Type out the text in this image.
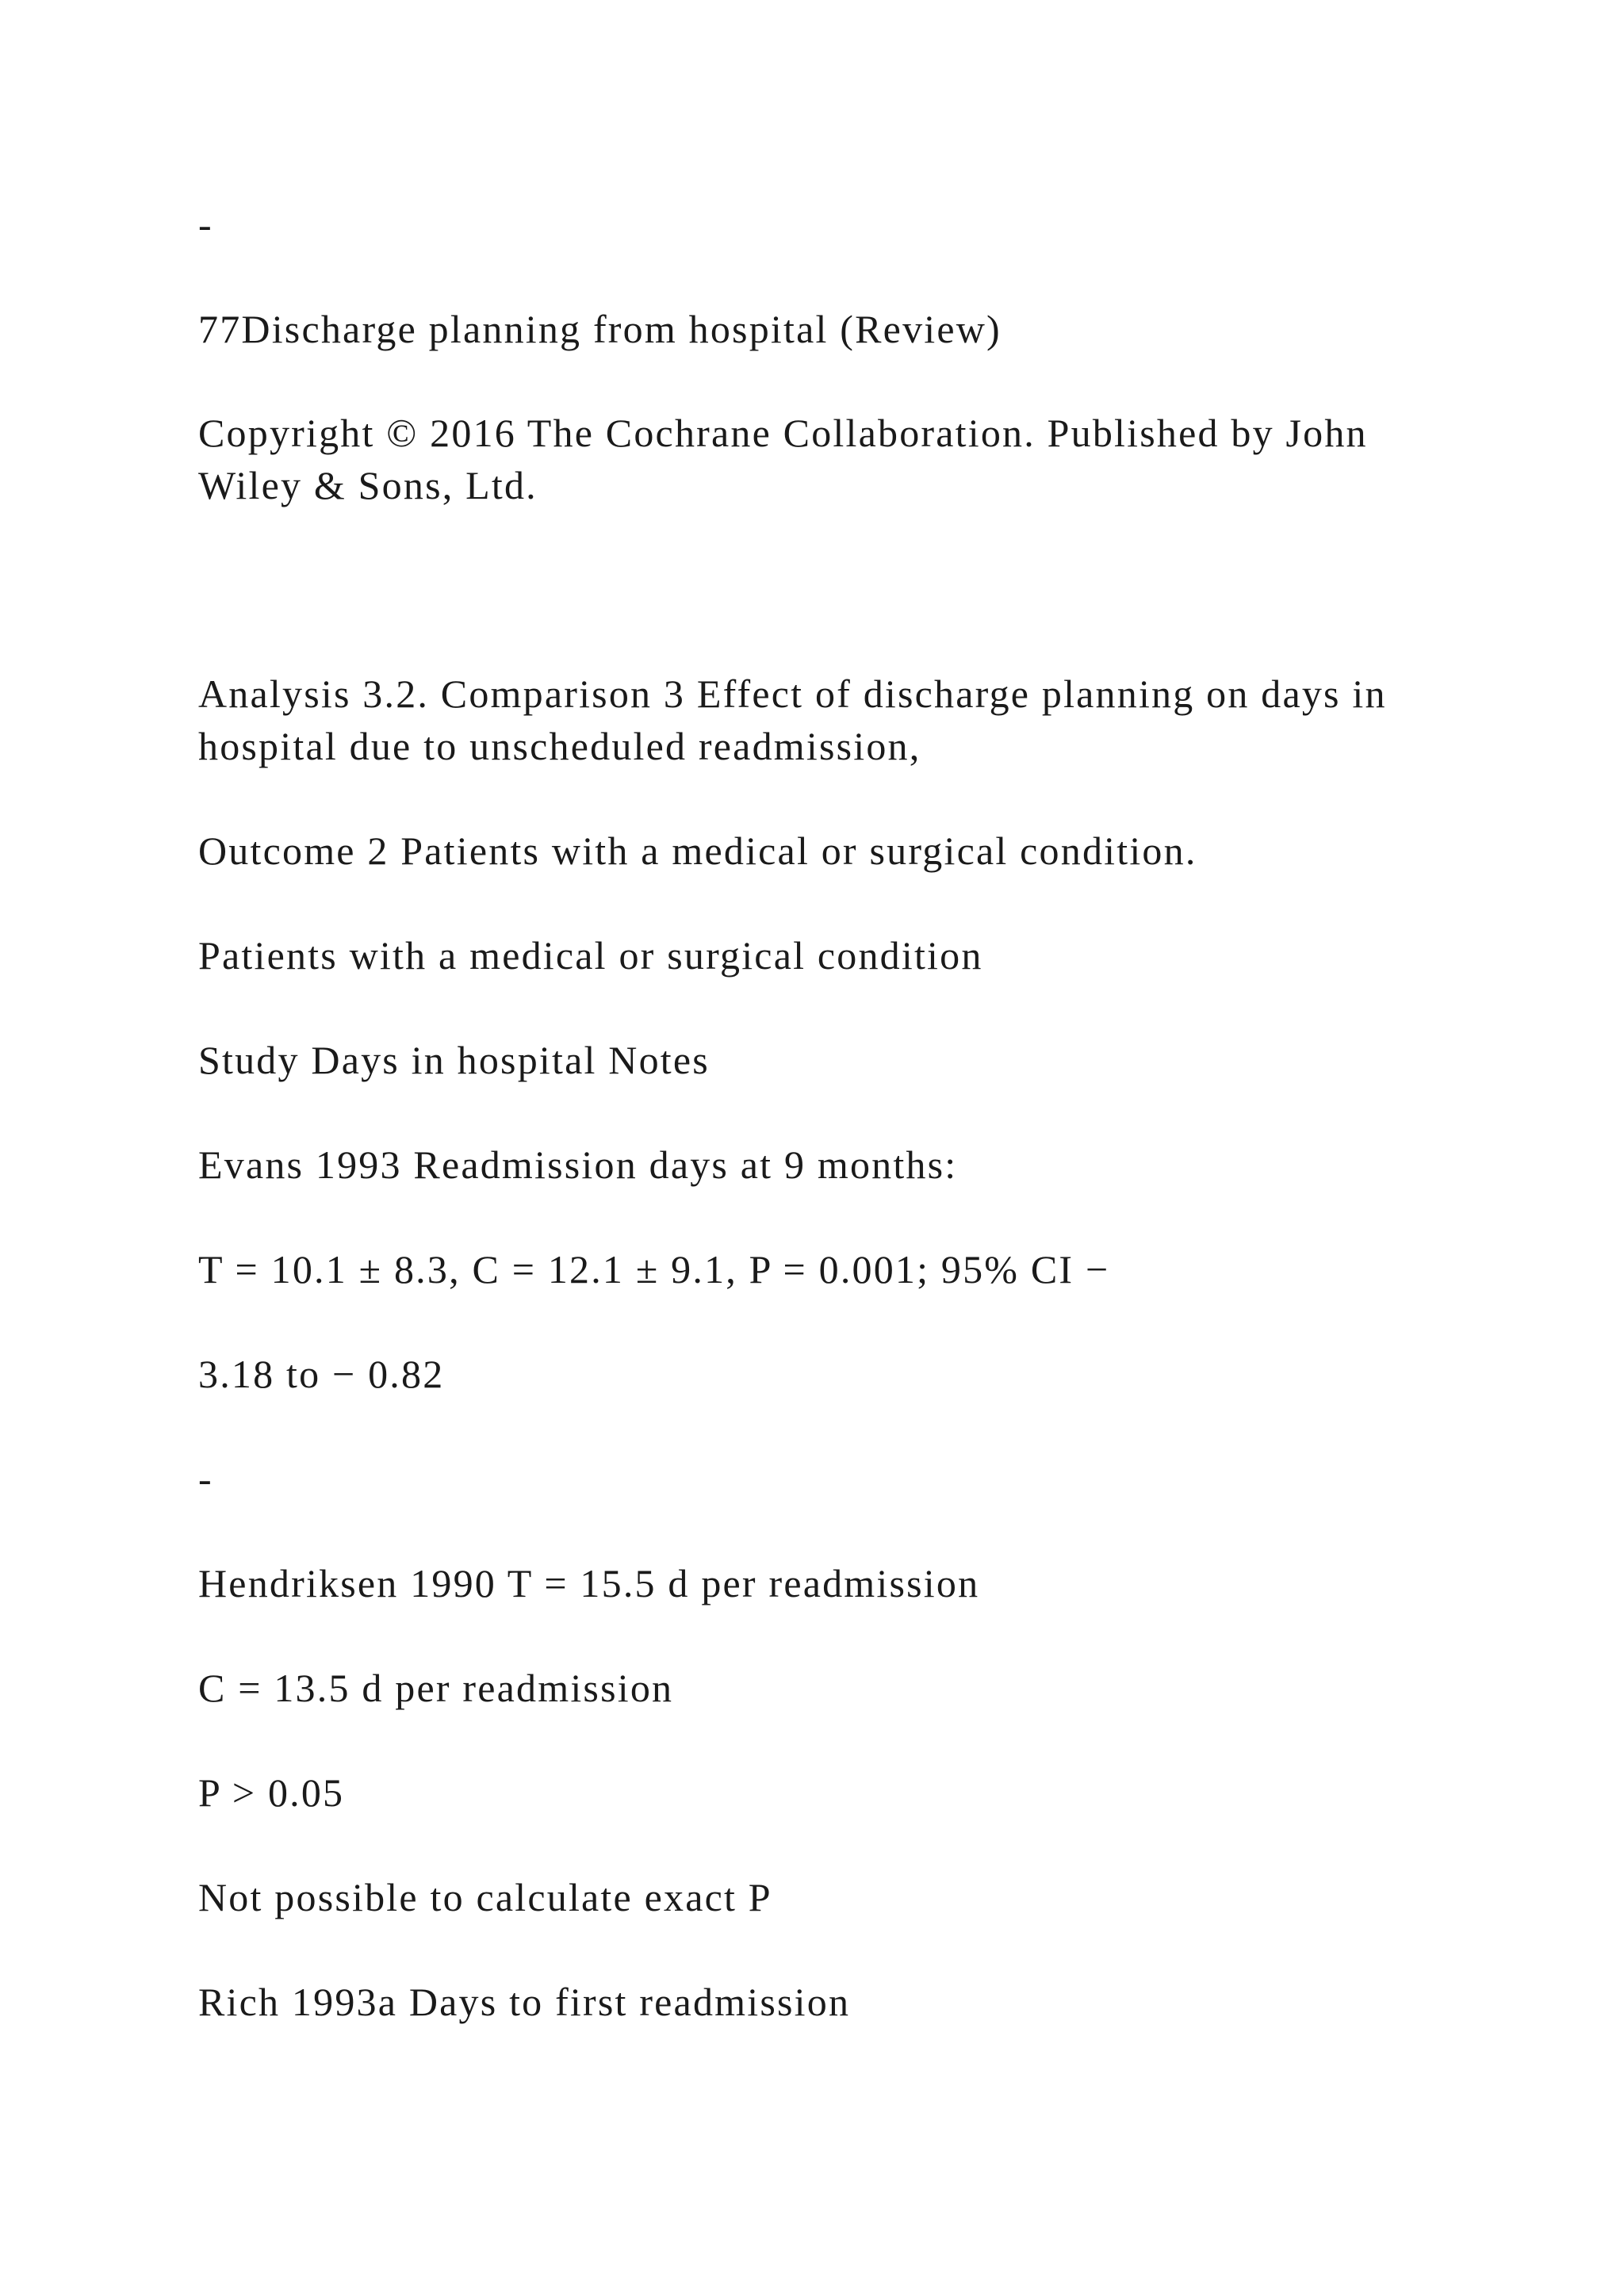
-
77Discharge planning from hospital (Review)
Copyright © 2016 The Cochrane Collaboration. Published by John Wiley & Sons, Ltd.
Analysis 3.2. Comparison 3 Effect of discharge planning on days in hospital due to unscheduled readmission,
Outcome 2 Patients with a medical or surgical condition.
Patients with a medical or surgical condition
Study Days in hospital Notes
Evans 1993 Readmission days at 9 months:
T = 10.1 ± 8.3, C = 12.1 ± 9.1, P = 0.001; 95% CI −
3.18 to − 0.82
-
Hendriksen 1990 T = 15.5 d per readmission
C = 13.5 d per readmission
P > 0.05
Not possible to calculate exact P
Rich 1993a Days to first readmission
